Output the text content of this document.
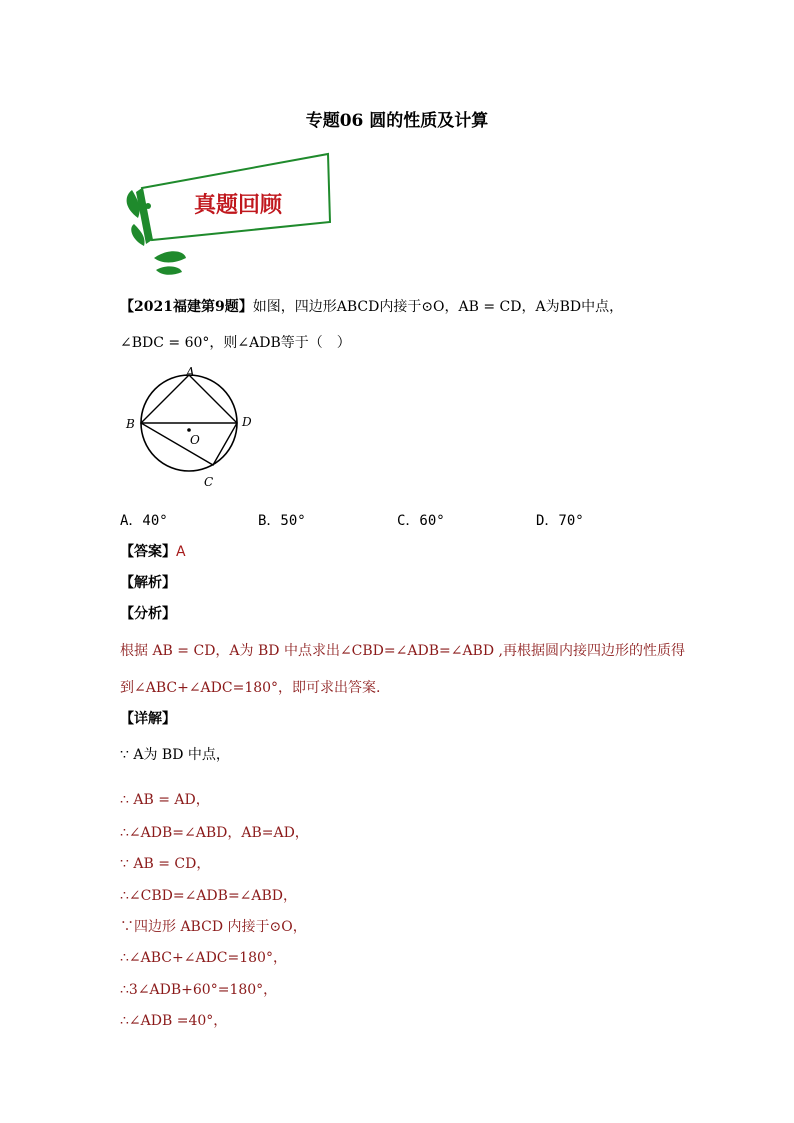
专题06 圆的性质及计算
真题回顾
【2021福建第9题】如图，四边形ABCD内接于⊙O，AB = CD，A为BD中点，
∠BDC = 60°，则∠ADB等于（　）
A
B
C
D
O
A．40°	B．50°	C．60°	D．70°
【答案】A
【解析】
【分析】
根据 AB = CD，A为 BD 中点求出∠CBD=∠ADB=∠ABD ,再根据圆内接四边形的性质得
到∠ABC+∠ADC=180°，即可求出答案.
【详解】
∵ A为 BD 中点，
∴ AB = AD，
∴∠ADB=∠ABD，AB=AD，
∵ AB = CD，
∴∠CBD=∠ADB=∠ABD，
∵四边形 ABCD 内接于⊙O，
∴∠ABC+∠ADC=180°，
∴3∠ADB+60°=180°，
∴∠ADB =40°，
